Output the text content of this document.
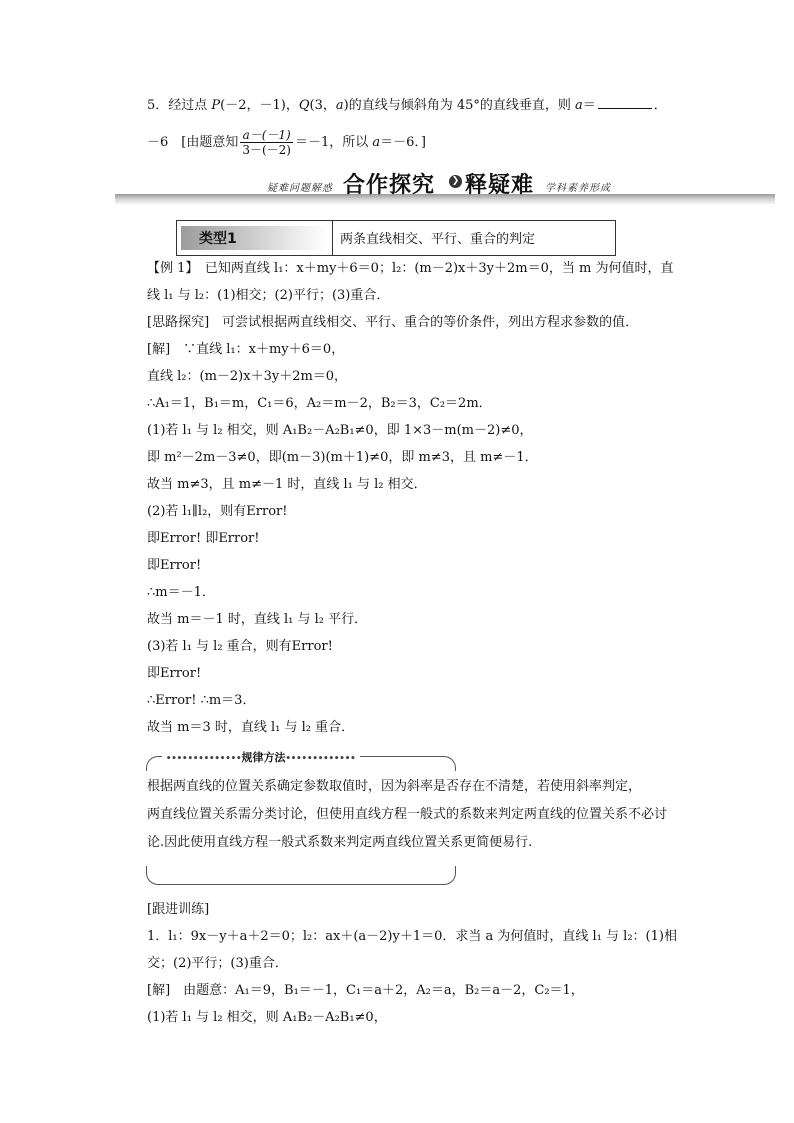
5．经过点 P(－2，－1)，Q(3，a)的直线与倾斜角为 45°的直线垂直，则 a＝	．
－6　[由题意知 $\frac{a-(-1)}{3-(-2)} =-1$，所以 a＝－6．]
疑难问题解惑 合作探究	❯ 释疑难 学科素养形成
类型1	两条直线相交、平行、重合的判定
【例 1】　已知两直线 l₁：x＋my＋6＝0；l₂：(m－2)x＋3y＋2m＝0，当 m 为何值时，直
线 l₁ 与 l₂：(1)相交；(2)平行；(3)重合．
[思路探究]　可尝试根据两直线相交、平行、重合的等价条件，列出方程求参数的值．
[解]　∵直线 l₁：x＋my＋6＝0，
直线 l₂：(m－2)x＋3y＋2m＝0，
∴A₁＝1，B₁＝m，C₁＝6，A₂＝m－2，B₂＝3，C₂＝2m．
(1)若 l₁ 与 l₂ 相交，则 A₁B₂－A₂B₁≠0，即 1×3－m(m－2)≠0，
即 m²－2m－3≠0，即(m－3)(m＋1)≠0，即 m≠3，且 m≠－1．
故当 m≠3，且 m≠－1 时，直线 l₁ 与 l₂ 相交．
(2)若 l₁∥l₂，则有Error!
即Error! 即Error!
即Error!
∴m＝－1．
故当 m＝－1 时，直线 l₁ 与 l₂ 平行．
(3)若 l₁ 与 l₂ 重合，则有Error!
即Error!
∴Error! ∴m＝3．
故当 m＝3 时，直线 l₁ 与 l₂ 重合．
∙∙∙∙∙∙∙∙∙∙∙∙∙∙规律方法∙∙∙∙∙∙∙∙∙∙∙∙∙
根据两直线的位置关系确定参数取值时，因为斜率是否存在不清楚，若使用斜率判定，
两直线位置关系需分类讨论，但使用直线方程一般式的系数来判定两直线的位置关系不必讨
论.因此使用直线方程一般式系数来判定两直线位置关系更简便易行.
[跟进训练]
1．l₁：9x－y＋a＋2＝0；l₂：ax＋(a－2)y＋1＝0．求当 a 为何值时，直线 l₁ 与 l₂：(1)相
交；(2)平行；(3)重合．
[解]　由题意：A₁＝9，B₁＝－1，C₁＝a＋2，A₂＝a，B₂＝a－2，C₂＝1，
(1)若 l₁ 与 l₂ 相交，则 A₁B₂－A₂B₁≠0，
